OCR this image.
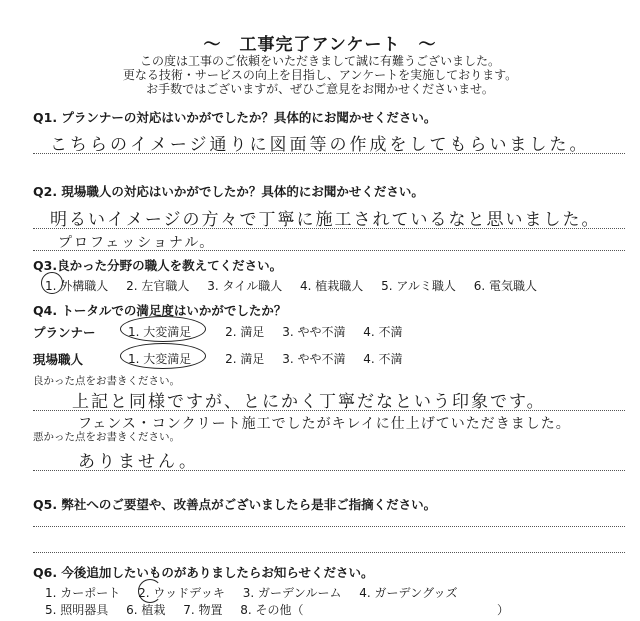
～　工事完了アンケート　～
この度は工事のご依頼をいただきまして誠に有難うございました。
更なる技術・サービスの向上を目指し、アンケートを実施しております。
お手数ではございますが、ぜひご意見をお聞かせくださいませ。
Q1. プランナーの対応はいかがでしたか？具体的にお聞かせください。
こちらのイメージ通りに図面等の作成をしてもらいました。
Q2. 現場職人の対応はいかがでしたか？具体的にお聞かせください。
明るいイメージの方々で丁寧に施工されているなと思いました。
プロフェッショナル。
Q3.良かった分野の職人を教えてください。
1. 外構職人 2. 左官職人 3. タイル職人 4. 植栽職人 5. アルミ職人 6. 電気職人
Q4. トータルでの満足度はいかがでしたか？
プランナー	1. 大変満足	2. 満足 3. やや不満 4. 不満
現場職人	1. 大変満足	2. 満足 3. やや不満 4. 不満
良かった点をお書きください。
上記と同様ですが、とにかく丁寧だなという印象です。
フェンス・コンクリート施工でしたがキレイに仕上げていただきました。
悪かった点をお書きください。
ありません。
Q5. 弊社へのご要望や、改善点がございましたら是非ご指摘ください。
Q6. 今後追加したいものがありましたらお知らせください。
1. カーポート 2. ウッドデッキ 3. ガーデンルーム 4. ガーデングッズ
5. 照明器具 6. 植栽 7. 物置 8. その他（	）
